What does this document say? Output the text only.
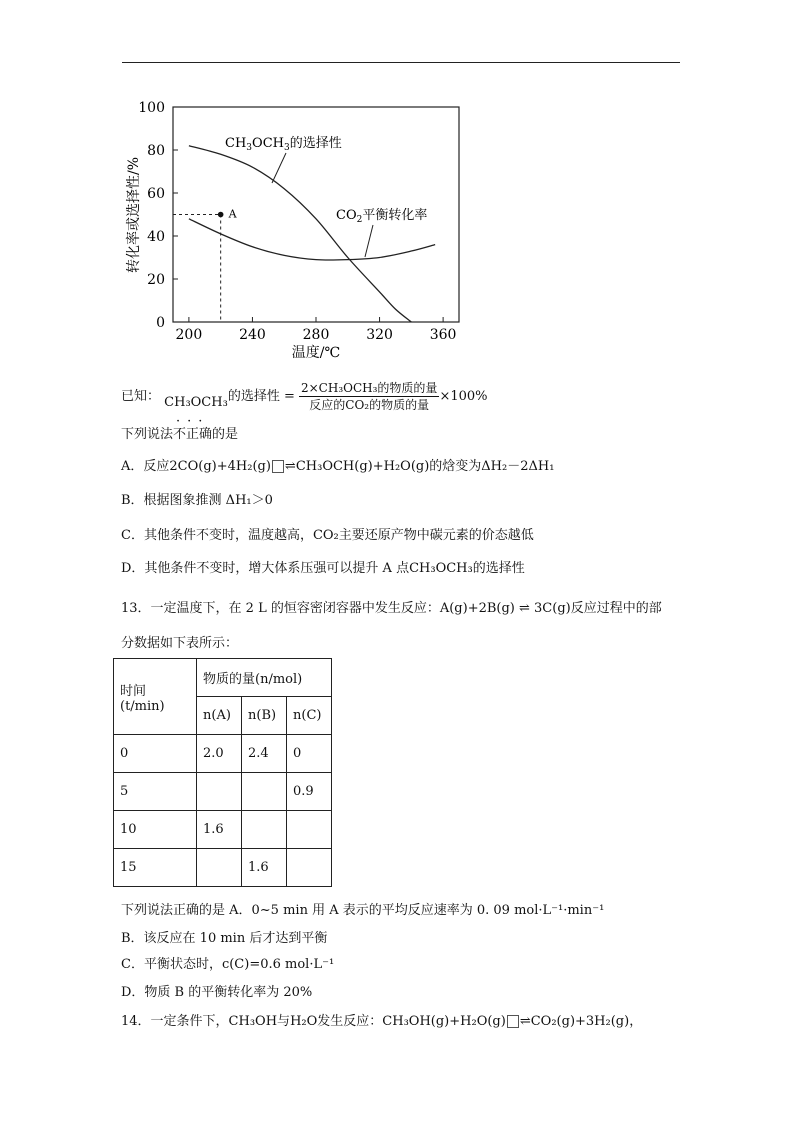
0
20
40
60
80
100
200	240	280	320	360
A
$CH_3OCH_3$的选择性
$CO_2$平衡转化率
温度/℃
转化率或选择性/%
已知： CH₃OCH₃的选择性 = $\frac{\text{2×CH₃OCH₃的物质的量}}{\text{反应的CO₂的物质的量}} \times 100\%$
下列说法不正确的是
···
A．反应2CO(g)+4H₂(g) ⇌CH₃OCH(g)+H₂O(g)的焓变为ΔH₂－2ΔH₁
B．根据图象推测 ΔH₁＞0
C．其他条件不变时，温度越高，CO₂主要还原产物中碳元素的价态越低
D．其他条件不变时，增大体系压强可以提升 A 点CH₃OCH₃的选择性
13．一定温度下，在 2 L 的恒容密闭容器中发生反应：A(g)+2B(g) ⇌ 3C(g)反应过程中的部
分数据如下表所示：
时间(t/min)	物质的量(n/mol)		
	n(A)	n(B)	n(C)
0	2.0	2.4	0
5			0.9
10	1.6		
15		1.6	
下列说法正确的是 A．0~5 min 用 A 表示的平均反应速率为 0. 09 mol·L⁻¹·min⁻¹
B．该反应在 10 min 后才达到平衡
C．平衡状态时，c(C)=0.6 mol·L⁻¹
D．物质 B 的平衡转化率为 20%
14．一定条件下，CH₃OH与H₂O发生反应：CH₃OH(g)+H₂O(g) ⇌CO₂(g)+3H₂(g)，
